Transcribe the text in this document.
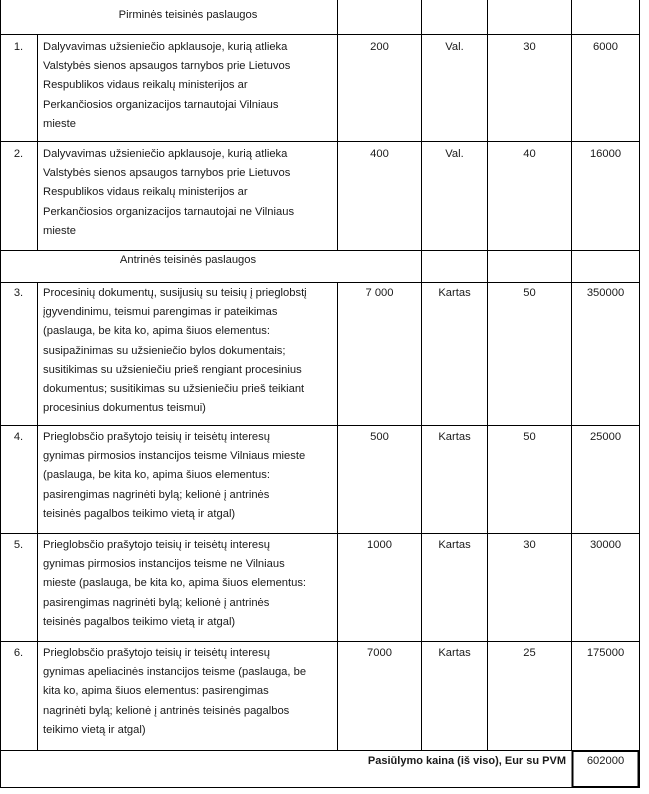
Pirminės teisinės paslaugos
1.	Dalyvavimas užsieniečio apklausoje, kurią atlieka
Valstybės sienos apsaugos tarnybos prie Lietuvos
Respublikos vidaus reikalų ministerijos ar
Perkančiosios organizacijos tarnautojai Vilniaus
mieste
200	Val.	30	6000
2.	Dalyvavimas užsieniečio apklausoje, kurią atlieka
Valstybės sienos apsaugos tarnybos prie Lietuvos
Respublikos vidaus reikalų ministerijos ar
Perkančiosios organizacijos tarnautojai ne Vilniaus
mieste
400	Val.	40	16000
Antrinės teisinės paslaugos
3.	Procesinių dokumentų, susijusių su teisių į prieglobstį
įgyvendinimu, teismui parengimas ir pateikimas
(paslauga, be kita ko, apima šiuos elementus:
susipažinimas su užsieniečio bylos dokumentais;
susitikimas su užsieniečiu prieš rengiant procesinius
dokumentus; susitikimas su užsieniečiu prieš teikiant
procesinius dokumentus teismui)
7 000	Kartas	50	350000
4.	Prieglobsčio prašytojo teisių ir teisėtų interesų
gynimas pirmosios instancijos teisme Vilniaus mieste
(paslauga, be kita ko, apima šiuos elementus:
pasirengimas nagrinėti bylą; kelionė į antrinės
teisinės pagalbos teikimo vietą ir atgal)
500	Kartas	50	25000
5.	Prieglobsčio prašytojo teisių ir teisėtų interesų
gynimas pirmosios instancijos teisme ne Vilniaus
mieste (paslauga, be kita ko, apima šiuos elementus:
pasirengimas nagrinėti bylą; kelionė į antrinės
teisinės pagalbos teikimo vietą ir atgal)
1000	Kartas	30	30000
6.	Prieglobsčio prašytojo teisių ir teisėtų interesų
gynimas apeliacinės instancijos teisme (paslauga, be
kita ko, apima šiuos elementus: pasirengimas
nagrinėti bylą; kelionė į antrinės teisinės pagalbos
teikimo vietą ir atgal)
7000	Kartas	25	175000
Pasiūlymo kaina (iš viso), Eur su PVM	602000
